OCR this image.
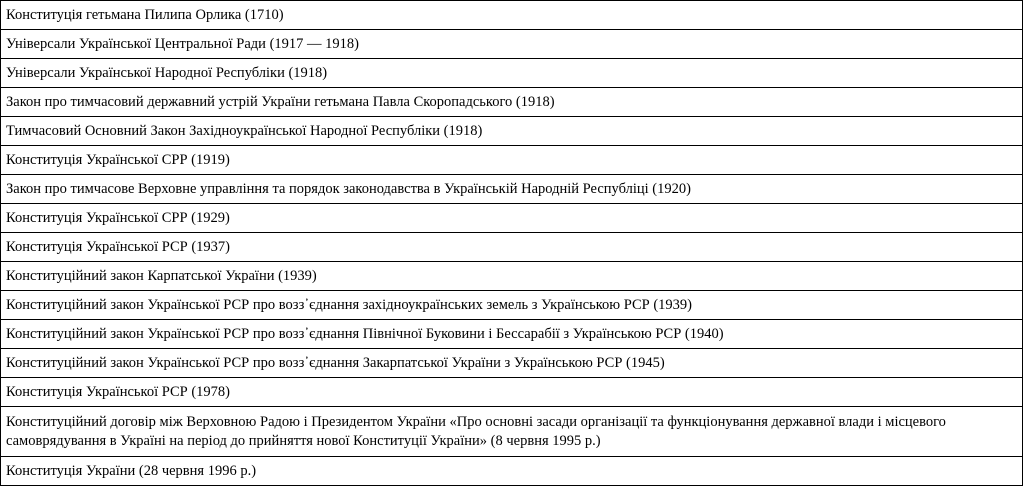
Конституція гетьмана Пилипа Орлика (1710)
Універсали Української Центральної Ради (1917 — 1918)
Універсали Української Народної Республіки (1918)
Закон про тимчасовий державний устрій України гетьмана Павла Скоропадського (1918)
Тимчасовий Основний Закон Західноукраїнської Народної Республіки (1918)
Конституція Української СРР (1919)
Закон про тимчасове Верховне управління та порядок законодавства в Українській Народній Республіці (1920)
Конституція Української СРР (1929)
Конституція Української РСР (1937)
Конституційний закон Карпатської України (1939)
Конституційний закон Української РСР про возз᾽єднання західноукраїнських земель з Українською РСР (1939)
Конституційний закон Української РСР про возз᾽єднання Північної Буковини і Бессарабії з Українською РСР (1940)
Конституційний закон Української РСР про возз᾽єднання Закарпатської України з Українською РСР (1945)
Конституція Української РСР (1978)
Конституційний договір між Верховною Радою і Президентом України «Про основні засади організації та функціонування державної влади і місцевого самоврядування в Україні на період до прийняття нової Конституції України» (8 червня 1995 р.)
Конституція України (28 червня 1996 р.)
